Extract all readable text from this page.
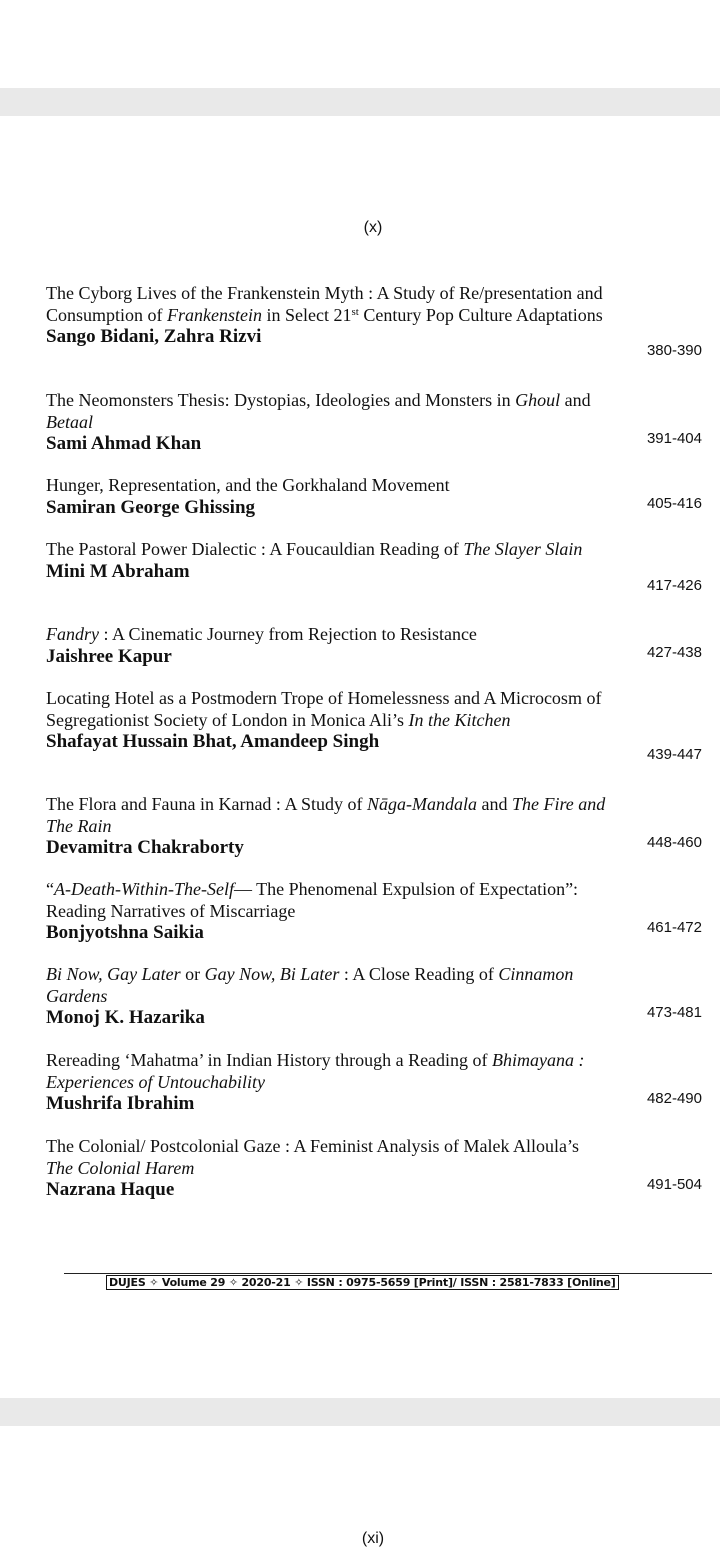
(x)
The Cyborg Lives of the Frankenstein Myth : A Study of Re/presentation and Consumption of Frankenstein in Select 21st Century Pop Culture Adaptations
Sango Bidani, Zahra Rizvi
380-390
The Neomonsters Thesis: Dystopias, Ideologies and Monsters in Ghoul and Betaal
Sami Ahmad Khan	391-404
Hunger, Representation, and the Gorkhaland Movement
Samiran George Ghissing	405-416
The Pastoral Power Dialectic : A Foucauldian Reading of The Slayer Slain
Mini M Abraham
417-426
Fandry : A Cinematic Journey from Rejection to Resistance
Jaishree Kapur	427-438
Locating Hotel as a Postmodern Trope of Homelessness and A Microcosm of Segregationist Society of London in Monica Ali’s In the Kitchen
Shafayat Hussain Bhat, Amandeep Singh
439-447
The Flora and Fauna in Karnad : A Study of Nāga-Mandala and The Fire and The Rain
Devamitra Chakraborty	448-460
“A-Death-Within-The-Self— The Phenomenal Expulsion of Expectation”: Reading Narratives of Miscarriage
Bonjyotshna Saikia	461-472
Bi Now, Gay Later or Gay Now, Bi Later : A Close Reading of Cinnamon Gardens
Monoj K. Hazarika	473-481
Rereading ‘Mahatma’ in Indian History through a Reading of Bhimayana : Experiences of Untouchability
Mushrifa Ibrahim	482-490
The Colonial/ Postcolonial Gaze : A Feminist Analysis of Malek Alloula’s The Colonial Harem
Nazrana Haque	491-504
DUJES ✧ Volume 29 ✧ 2020-21 ✧ ISSN : 0975-5659 [Print]/ ISSN : 2581-7833 [Online]
(xi)
